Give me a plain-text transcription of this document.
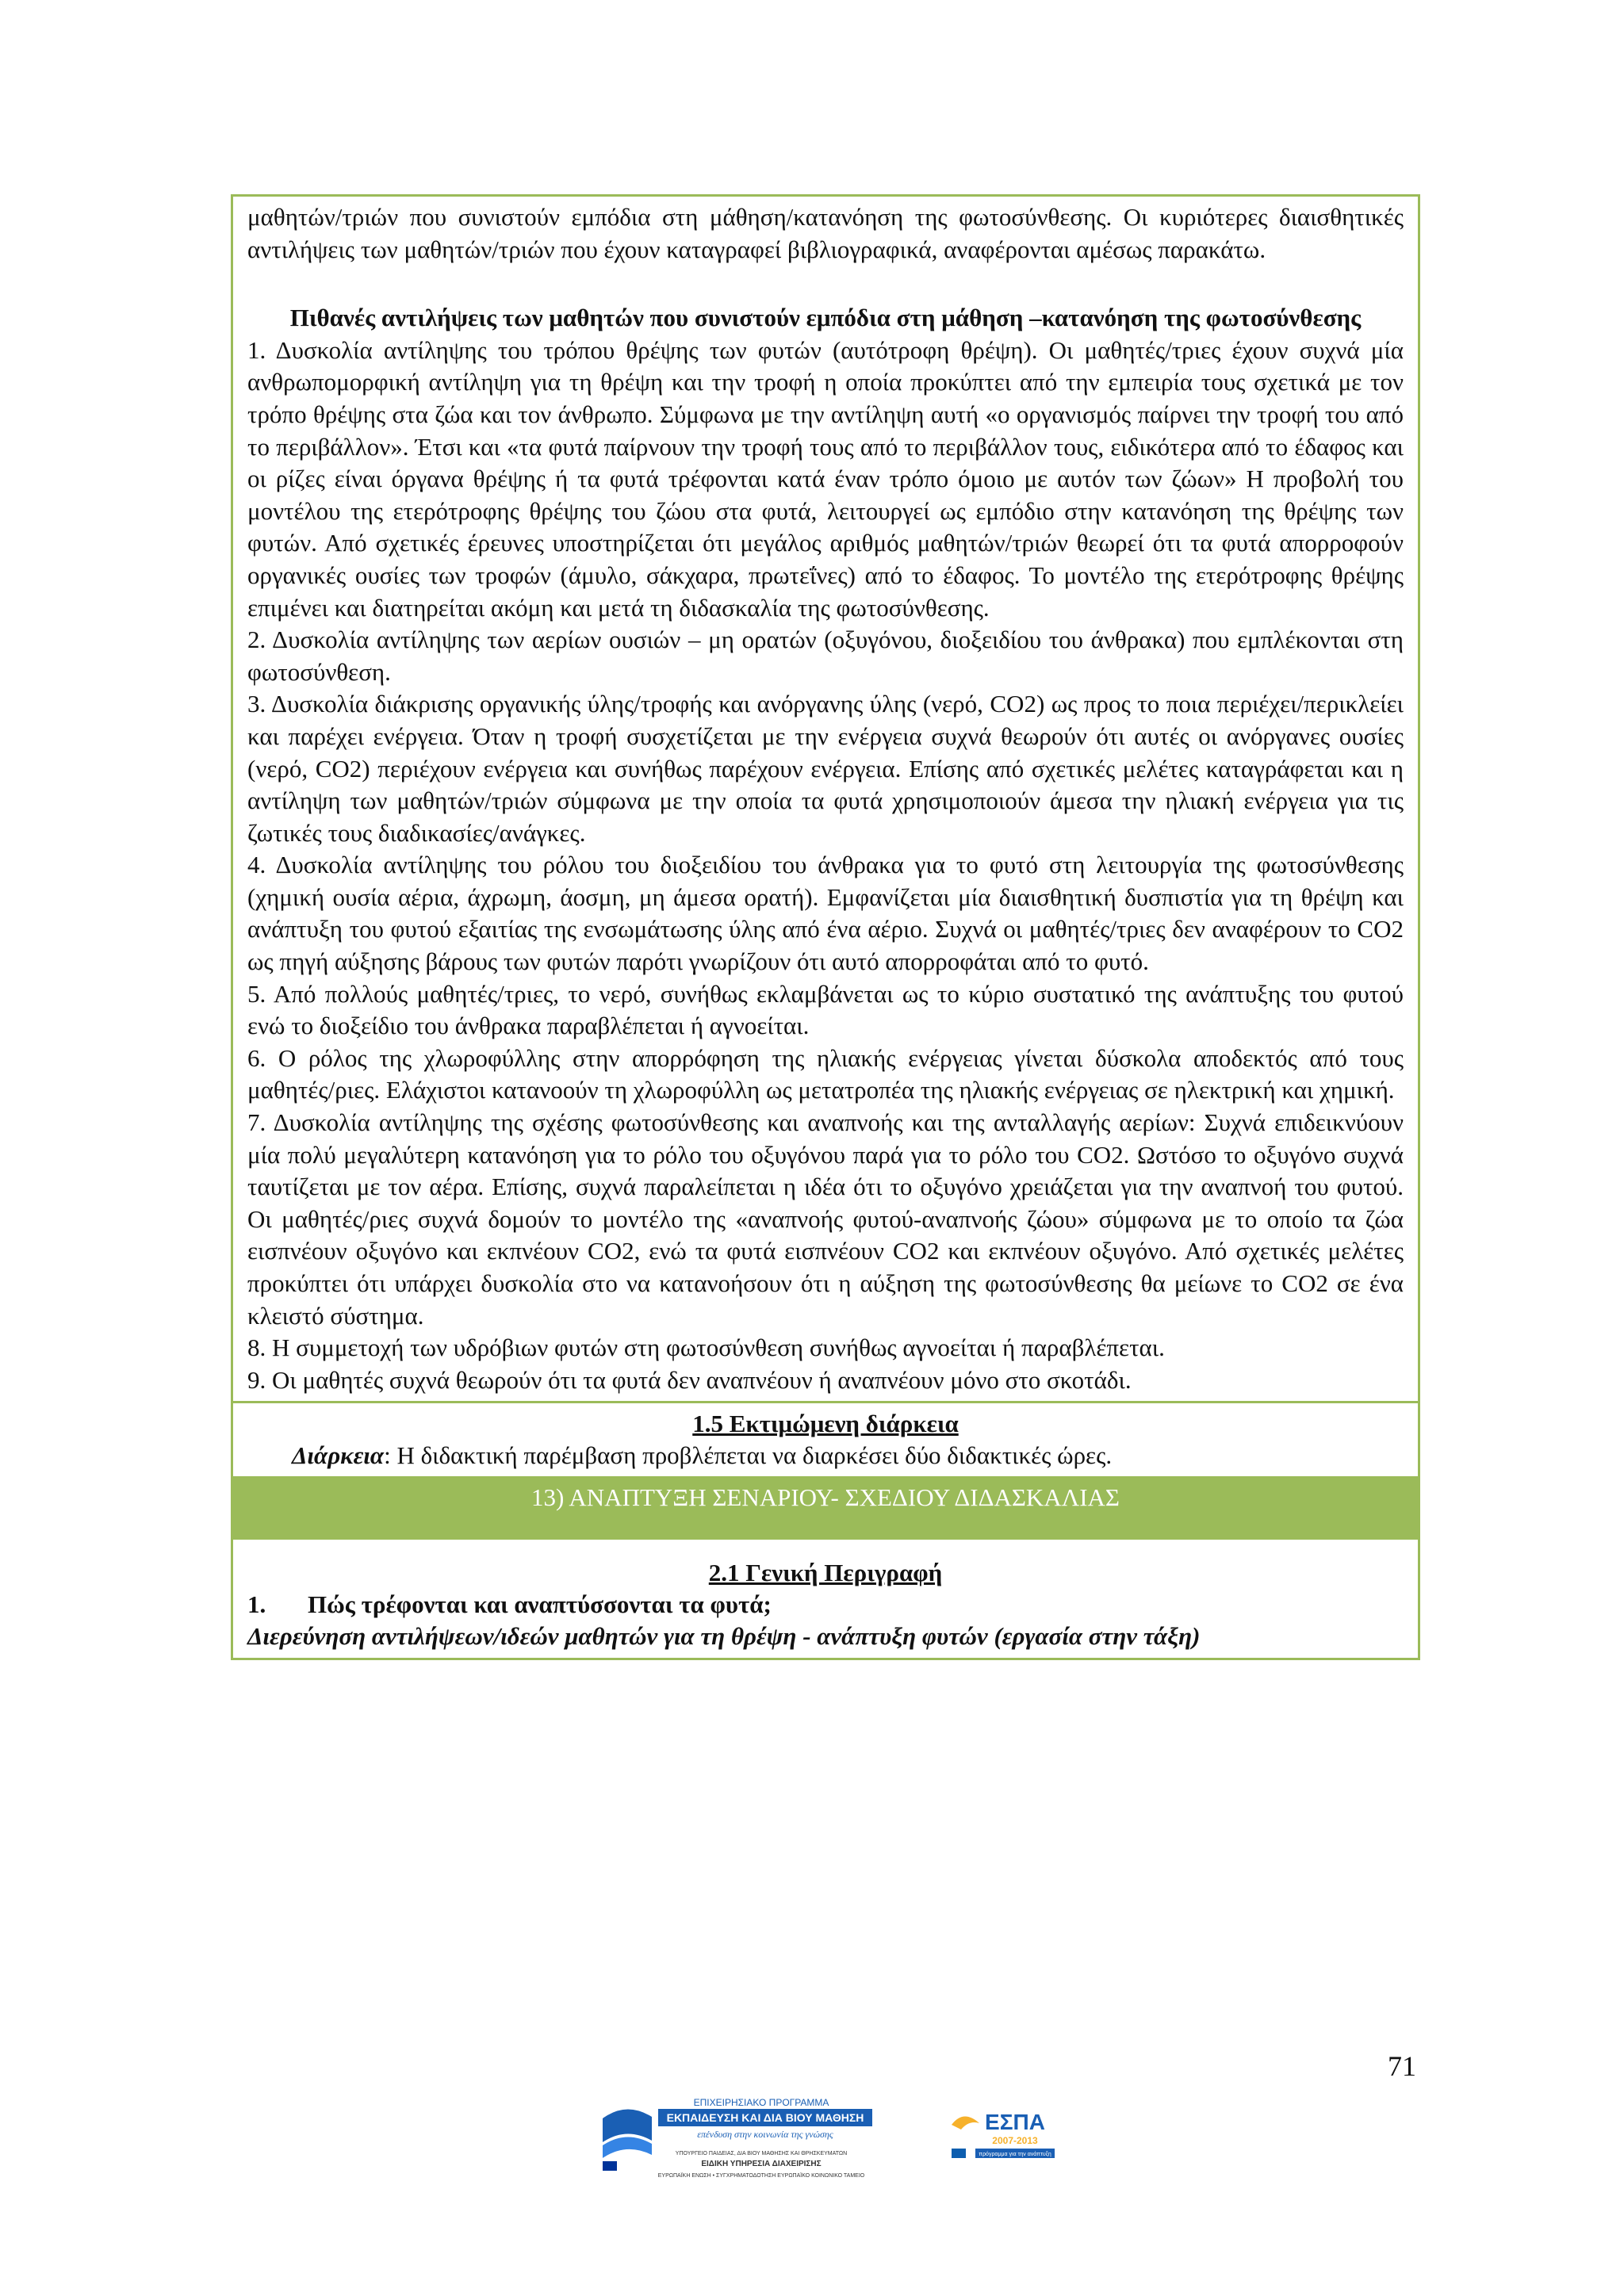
μαθητών/τριών που συνιστούν εμπόδια στη μάθηση/κατανόηση της φωτοσύνθεσης. Οι κυριότερες διαισθητικές αντιλήψεις των μαθητών/τριών που έχουν καταγραφεί βιβλιογραφικά, αναφέρονται αμέσως παρακάτω.

Πιθανές αντιλήψεις των μαθητών που συνιστούν εμπόδια στη μάθηση –κατανόηση της φωτοσύνθεσης

1. Δυσκολία αντίληψης του τρόπου θρέψης των φυτών (αυτότροφη θρέψη). Οι μαθητές/τριες έχουν συχνά μία ανθρωπομορφική αντίληψη για τη θρέψη και την τροφή η οποία προκύπτει από την εμπειρία τους σχετικά με τον τρόπο θρέψης στα ζώα και τον άνθρωπο. Σύμφωνα με την αντίληψη αυτή «ο οργανισμός παίρνει την τροφή του από το περιβάλλον». Έτσι και «τα φυτά παίρνουν την τροφή τους από το περιβάλλον τους, ειδικότερα από το έδαφος και οι ρίζες είναι όργανα θρέψης ή τα φυτά τρέφονται κατά έναν τρόπο όμοιο με αυτόν των ζώων» Η προβολή του μοντέλου της ετερότροφης θρέψης του ζώου στα φυτά, λειτουργεί ως εμπόδιο στην κατανόηση της θρέψης των φυτών. Από σχετικές έρευνες υποστηρίζεται ότι μεγάλος αριθμός μαθητών/τριών θεωρεί ότι τα φυτά απορροφούν οργανικές ουσίες των τροφών (άμυλο, σάκχαρα, πρωτεΐνες) από το έδαφος. Το μοντέλο της ετερότροφης θρέψης επιμένει και διατηρείται ακόμη και μετά τη διδασκαλία της φωτοσύνθεσης.

2. Δυσκολία αντίληψης των αερίων ουσιών – μη ορατών (οξυγόνου, διοξειδίου του άνθρακα) που εμπλέκονται στη φωτοσύνθεση.

3. Δυσκολία διάκρισης οργανικής ύλης/τροφής και ανόργανης ύλης (νερό, CO2) ως προς το ποια περιέχει/περικλείει και παρέχει ενέργεια. Όταν η τροφή συσχετίζεται με την ενέργεια συχνά θεωρούν ότι αυτές οι ανόργανες ουσίες (νερό, CO2) περιέχουν ενέργεια και συνήθως παρέχουν ενέργεια. Επίσης από σχετικές μελέτες καταγράφεται και η αντίληψη των μαθητών/τριών σύμφωνα με την οποία τα φυτά χρησιμοποιούν άμεσα την ηλιακή ενέργεια για τις ζωτικές τους διαδικασίες/ανάγκες.

4. Δυσκολία αντίληψης του ρόλου του διοξειδίου του άνθρακα για το φυτό στη λειτουργία της φωτοσύνθεσης (χημική ουσία αέρια, άχρωμη, άοσμη, μη άμεσα ορατή). Εμφανίζεται μία διαισθητική δυσπιστία για τη θρέψη και ανάπτυξη του φυτού εξαιτίας της ενσωμάτωσης ύλης από ένα αέριο. Συχνά οι μαθητές/τριες δεν αναφέρουν το CO2 ως πηγή αύξησης βάρους των φυτών παρότι γνωρίζουν ότι αυτό απορροφάται από το φυτό.

5. Από πολλούς μαθητές/τριες, το νερό, συνήθως εκλαμβάνεται ως το κύριο συστατικό της ανάπτυξης του φυτού ενώ το διοξείδιο του άνθρακα παραβλέπεται ή αγνοείται.

6. Ο ρόλος της χλωροφύλλης στην απορρόφηση της ηλιακής ενέργειας γίνεται δύσκολα αποδεκτός από τους μαθητές/ριες. Ελάχιστοι κατανοούν τη χλωροφύλλη ως μετατροπέα της ηλιακής ενέργειας σε ηλεκτρική και χημική.

7. Δυσκολία αντίληψης της σχέσης φωτοσύνθεσης και αναπνοής και της ανταλλαγής αερίων: Συχνά επιδεικνύουν μία πολύ μεγαλύτερη κατανόηση για το ρόλο του οξυγόνου παρά για το ρόλο του CO2. Ωστόσο το οξυγόνο συχνά ταυτίζεται με τον αέρα. Επίσης, συχνά παραλείπεται η ιδέα ότι το οξυγόνο χρειάζεται για την αναπνοή του φυτού. Οι μαθητές/ριες συχνά δομούν το μοντέλο της «αναπνοής φυτού-αναπνοής ζώου» σύμφωνα με το οποίο τα ζώα εισπνέουν οξυγόνο και εκπνέουν CO2, ενώ τα φυτά εισπνέουν CO2 και εκπνέουν οξυγόνο. Από σχετικές μελέτες προκύπτει ότι υπάρχει δυσκολία στο να κατανοήσουν ότι η αύξηση της φωτοσύνθεσης θα μείωνε το CO2 σε ένα κλειστό σύστημα.

8. Η συμμετοχή των υδρόβιων φυτών στη φωτοσύνθεση συνήθως αγνοείται ή παραβλέπεται.

9. Οι μαθητές συχνά θεωρούν ότι τα φυτά δεν αναπνέουν ή αναπνέουν μόνο στο σκοτάδι.

1.5 Εκτιμώμενη διάρκεια

Διάρκεια: Η διδακτική παρέμβαση προβλέπεται να διαρκέσει δύο διδακτικές ώρες.

13) ΑΝΑΠΤΥΞΗ ΣΕΝΑΡΙΟΥ- ΣΧΕΔΙΟΥ ΔΙΔΑΣΚΑΛΙΑΣ

2.1 Γενική Περιγραφή

1. Πώς τρέφονται και αναπτύσσονται τα φυτά;

Διερεύνηση αντιλήψεων/ιδεών μαθητών για τη θρέψη - ανάπτυξη φυτών (εργασία στην τάξη)

71
ΕΠΙΧΕΙΡΗΣΙΑΚΟ ΠΡΟΓΡΑΜΜΑ
ΕΚΠΑΙΔΕΥΣΗ ΚΑΙ ΔΙΑ ΒΙΟΥ ΜΑΘΗΣΗ
επένδυση στην κοινωνία της γνώσης
ΥΠΟΥΡΓΕΙΟ ΠΑΙΔΕΙΑΣ, ΔΙΑ ΒΙΟΥ ΜΑΘΗΣΗΣ ΚΑΙ ΘΡΗΣΚΕΥΜΑΤΩΝ
ΕΙΔΙΚΗ ΥΠΗΡΕΣΙΑ ΔΙΑΧΕΙΡΙΣΗΣ
ΕΥΡΩΠΑΪΚΗ ΕΝΩΣΗ • ΣΥΓΧΡΗΜΑΤΟΔΟΤΗΣΗ ΕΥΡΩΠΑΪΚΟ ΚΟΙΝΩΝΙΚΟ ΤΑΜΕΙΟ
ΕΣΠΑ
2007-2013
πρόγραμμα για την ανάπτυξη
